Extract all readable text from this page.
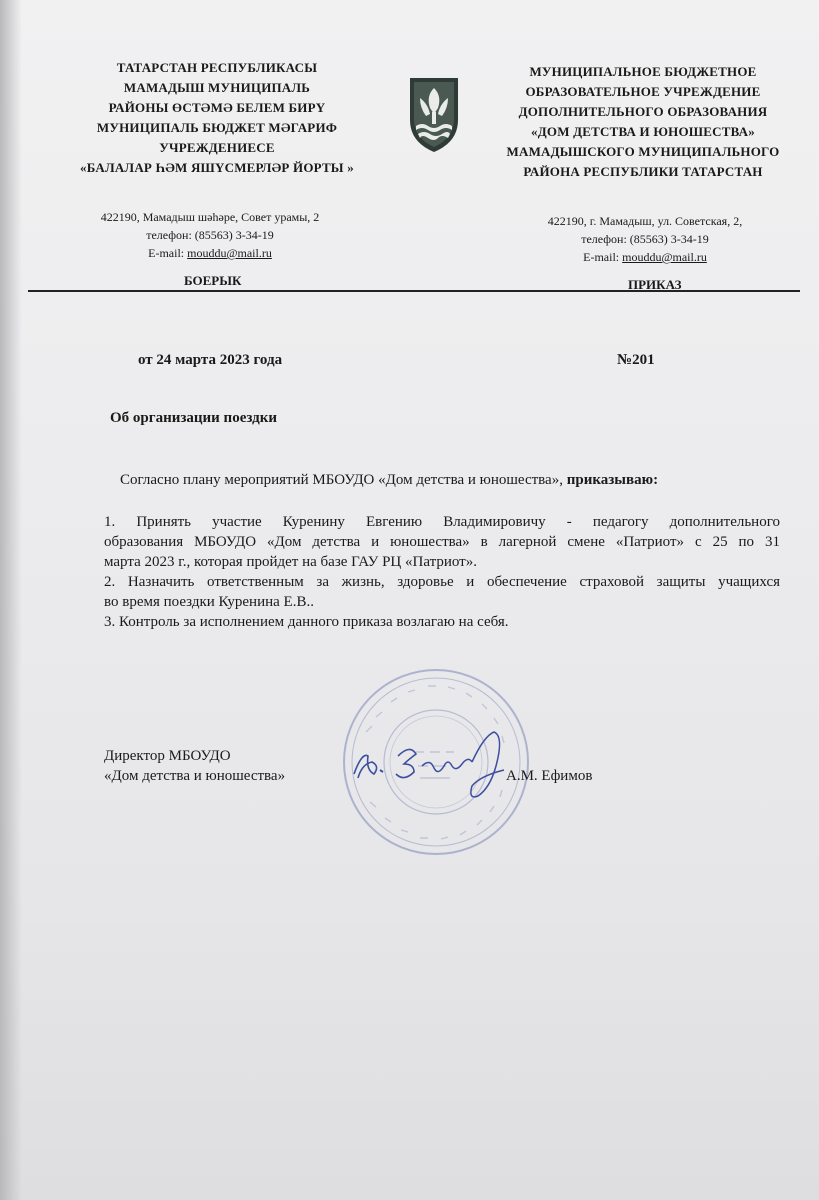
ТАТАРСТАН РЕСПУБЛИКАСЫ
МАМАДЫШ МУНИЦИПАЛЬ
РАЙОНЫ ӨСТӘМӘ БЕЛЕМ БИРҮ
МУНИЦИПАЛЬ БЮДЖЕТ МӘГАРИФ
УЧРЕЖДЕНИЕСЕ
«БАЛАЛАР ҺӘМ ЯШҮСМЕРЛӘР ЙОРТЫ »
МУНИЦИПАЛЬНОЕ БЮДЖЕТНОЕ
ОБРАЗОВАТЕЛЬНОЕ УЧРЕЖДЕНИЕ
ДОПОЛНИТЕЛЬНОГО ОБРАЗОВАНИЯ
«ДОМ ДЕТСТВА И ЮНОШЕСТВА»
МАМАДЫШСКОГО МУНИЦИПАЛЬНОГО
РАЙОНА РЕСПУБЛИКИ ТАТАРСТАН
422190, Мамадыш шәһәре, Совет урамы, 2
телефон: (85563) 3-34-19
E-mail: mouddu@mail.ru
422190, г. Мамадыш, ул. Советская, 2,
телефон: (85563) 3-34-19
E-mail: mouddu@mail.ru
БОЕРЫК	ПРИКАЗ
от 24 марта 2023 года	№201
Об организации поездки
Согласно плану мероприятий МБОУДО «Дом детства и юношества», приказываю:
1. Принять участие Куренину Евгению Владимировичу - педагогу дополнительного
образования МБОУДО «Дом детства и юношества» в лагерной смене «Патриот» с 25 по 31
марта 2023 г., которая пройдет на базе ГАУ РЦ «Патриот».
2. Назначить ответственным за жизнь, здоровье и обеспечение страховой защиты учащихся
во время поездки Куренина Е.В..
3. Контроль за исполнением данного приказа возлагаю на себя.
Директор МБОУДО
«Дом детства и юношества»	А.М. Ефимов
